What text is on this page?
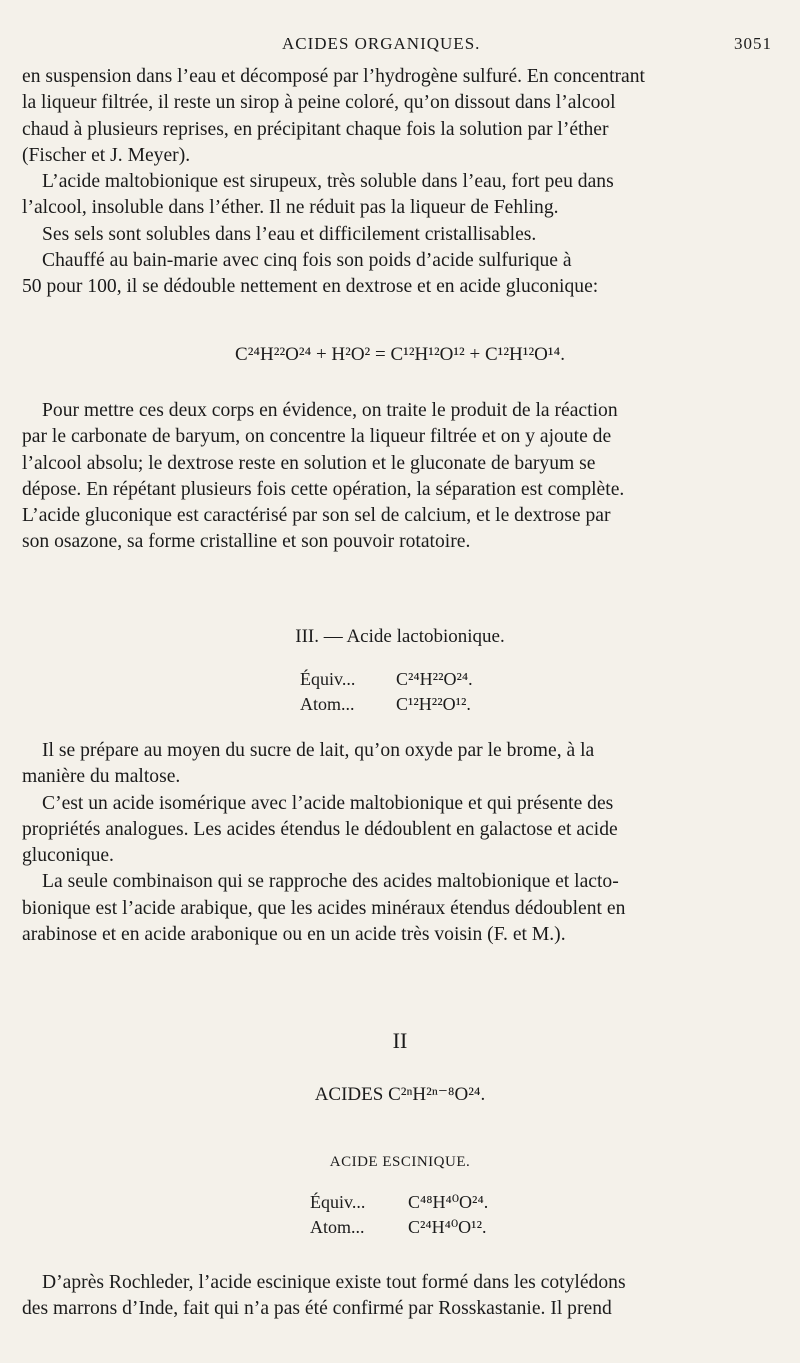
ACIDES ORGANIQUES.	3051

en suspension dans l’eau et décomposé par l’hydrogène sulfuré. En concentrant
la liqueur filtrée, il reste un sirop à peine coloré, qu’on dissout dans l’alcool
chaud à plusieurs reprises, en précipitant chaque fois la solution par l’éther
(Fischer et J. Meyer).

L’acide maltobionique est sirupeux, très soluble dans l’eau, fort peu dans
l’alcool, insoluble dans l’éther. Il ne réduit pas la liqueur de Fehling.

Ses sels sont solubles dans l’eau et difficilement cristallisables.

Chauffé au bain-marie avec cinq fois son poids d’acide sulfurique à
50 pour 100, il se dédouble nettement en dextrose et en acide gluconique:

C²⁴H²²O²⁴ + H²O² = C¹²H¹²O¹² + C¹²H¹²O¹⁴.

Pour mettre ces deux corps en évidence, on traite le produit de la réaction
par le carbonate de baryum, on concentre la liqueur filtrée et on y ajoute de
l’alcool absolu; le dextrose reste en solution et le gluconate de baryum se
dépose. En répétant plusieurs fois cette opération, la séparation est complète.
L’acide gluconique est caractérisé par son sel de calcium, et le dextrose par
son osazone, sa forme cristalline et son pouvoir rotatoire.

III. — Acide lactobionique.
Équiv... C²⁴H²²O²⁴.
Atom... C¹²H²²O¹².

Il se prépare au moyen du sucre de lait, qu’on oxyde par le brome, à la
manière du maltose.

C’est un acide isomérique avec l’acide maltobionique et qui présente des
propriétés analogues. Les acides étendus le dédoublent en galactose et acide
gluconique.

La seule combinaison qui se rapproche des acides maltobionique et lacto-
bionique est l’acide arabique, que les acides minéraux étendus dédoublent en
arabinose et en acide arabonique ou en un acide très voisin (F. et M.).

II
ACIDES C²ⁿH²ⁿ⁻⁸O²⁴.
ACIDE ESCINIQUE.
Équiv... C⁴⁸H⁴⁰O²⁴.
Atom... C²⁴H⁴⁰O¹².

D’après Rochleder, l’acide escinique existe tout formé dans les cotylédons
des marrons d’Inde, fait qui n’a pas été confirmé par Rosskastanie. Il prend
